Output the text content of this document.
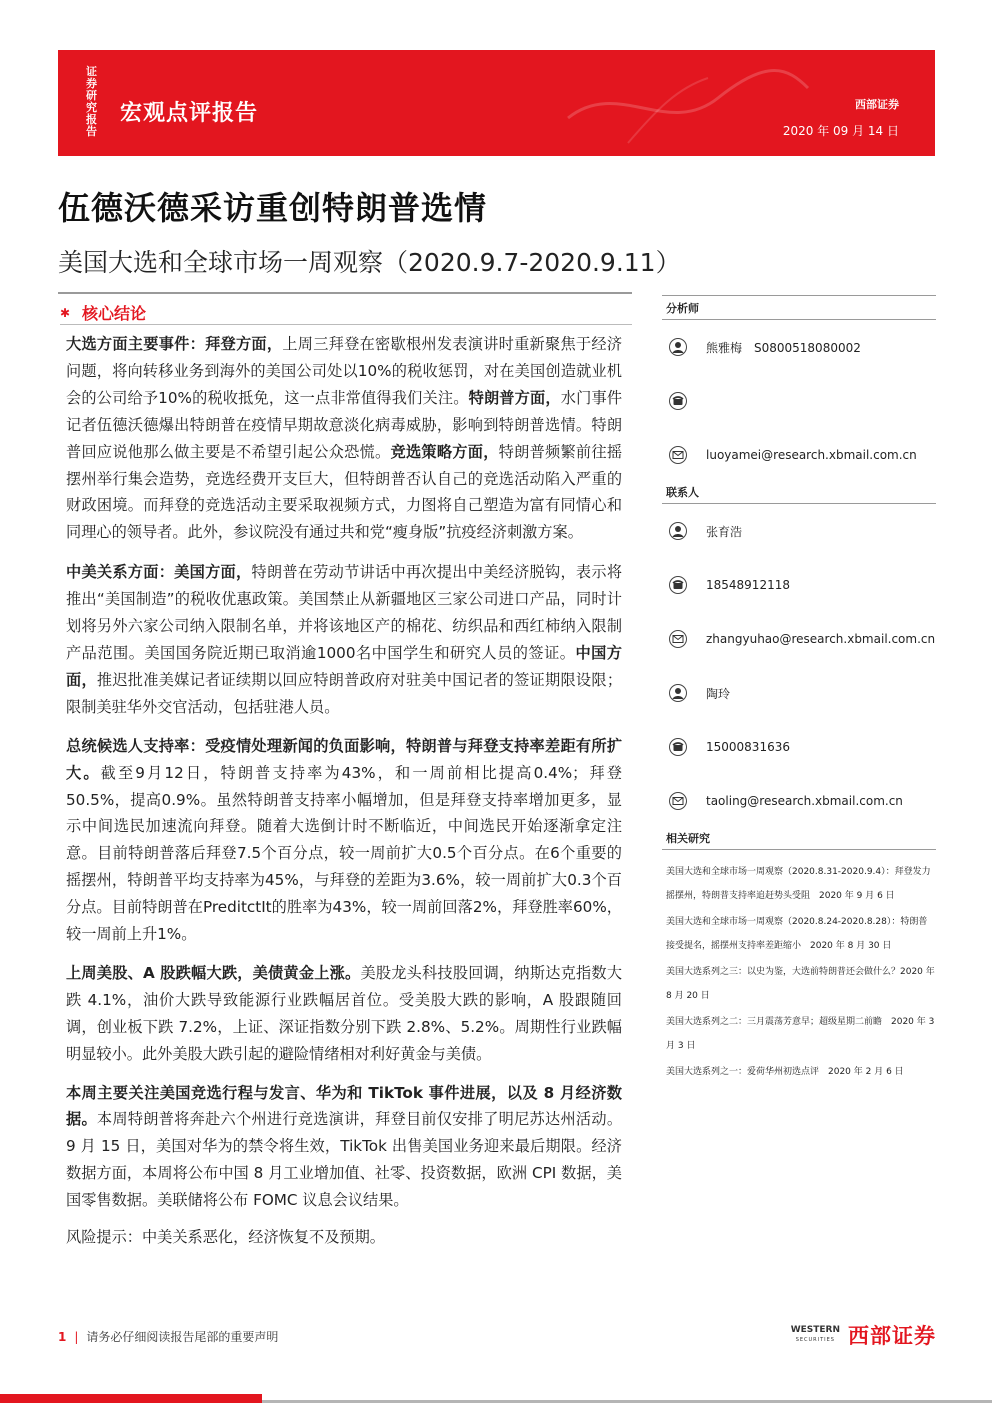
证券研究报告
宏观点评报告	西部证券
2020 年 09 月 14 日
伍德沃德采访重创特朗普选情
美国大选和全球市场一周观察（2020.9.7-2020.9.11）
✱ 核心结论

大选方面主要事件：拜登方面，上周三拜登在密歇根州发表演讲时重新聚焦于经济问题，将向转移业务到海外的美国公司处以10%的税收惩罚，对在美国创造就业机会的公司给予10%的税收抵免，这一点非常值得我们关注。特朗普方面，水门事件记者伍德沃德爆出特朗普在疫情早期故意淡化病毒威胁，影响到特朗普选情。特朗普回应说他那么做主要是不希望引起公众恐慌。竞选策略方面，特朗普频繁前往摇摆州举行集会造势，竞选经费开支巨大，但特朗普否认自己的竞选活动陷入严重的财政困境。而拜登的竞选活动主要采取视频方式，力图将自己塑造为富有同情心和同理心的领导者。此外，参议院没有通过共和党“瘦身版”抗疫经济刺激方案。

中美关系方面：美国方面，特朗普在劳动节讲话中再次提出中美经济脱钩，表示将推出“美国制造”的税收优惠政策。美国禁止从新疆地区三家公司进口产品，同时计划将另外六家公司纳入限制名单，并将该地区产的棉花、纺织品和西红柿纳入限制产品范围。美国国务院近期已取消逾1000名中国学生和研究人员的签证。中国方面，推迟批准美媒记者证续期以回应特朗普政府对驻美中国记者的签证期限设限；限制美驻华外交官活动，包括驻港人员。

总统候选人支持率：受疫情处理新闻的负面影响，特朗普与拜登支持率差距有所扩大。截至9月12日，特朗普支持率为43%，和一周前相比提高0.4%；拜登50.5%，提高0.9%。虽然特朗普支持率小幅增加，但是拜登支持率增加更多，显示中间选民加速流向拜登。随着大选倒计时不断临近，中间选民开始逐渐拿定注意。目前特朗普落后拜登7.5个百分点，较一周前扩大0.5个百分点。在6个重要的摇摆州，特朗普平均支持率为45%，与拜登的差距为3.6%，较一周前扩大0.3个百分点。目前特朗普在PreditctIt的胜率为43%，较一周前回落2%，拜登胜率60%，较一周前上升1%。

上周美股、A 股跌幅大跌，美债黄金上涨。美股龙头科技股回调，纳斯达克指数大跌 4.1%，油价大跌导致能源行业跌幅居首位。受美股大跌的影响，A 股跟随回调，创业板下跌 7.2%，上证、深证指数分别下跌 2.8%、5.2%。周期性行业跌幅明显较小。此外美股大跌引起的避险情绪相对利好黄金与美债。

本周主要关注美国竞选行程与发言、华为和 TikTok 事件进展，以及 8 月经济数据。本周特朗普将奔赴六个州进行竞选演讲，拜登目前仅安排了明尼苏达州活动。9 月 15 日，美国对华为的禁令将生效，TikTok 出售美国业务迎来最后期限。经济数据方面，本周将公布中国 8 月工业增加值、社零、投资数据，欧洲 CPI 数据，美国零售数据。美联储将公布 FOMC 议息会议结果。

风险提示：中美关系恶化，经济恢复不及预期。

分析师
熊雅梅　S0800518080002
luoyamei@research.xbmail.com.cn
联系人
张育浩
18548912118
zhangyuhao@research.xbmail.com.cn
陶玲
15000831636
taoling@research.xbmail.com.cn
相关研究

美国大选和全球市场一周观察（2020.8.31-2020.9.4）：拜登发力摇摆州，特朗普支持率追赶势头受阻　2020 年 9 月 6 日

美国大选和全球市场一周观察（2020.8.24-2020.8.28）：特朗普接受提名，摇摆州支持率差距缩小　2020 年 8 月 30 日

美国大选系列之三：以史为鉴，大选前特朗普还会做什么？2020 年 8 月 20 日

美国大选系列之二：三月震荡芳意早；超级星期二前瞻　2020 年 3 月 3 日

美国大选系列之一：爱荷华州初选点评　2020 年 2 月 6 日

1 | 请务必仔细阅读报告尾部的重要声明	WESTERN
SECURITIES 西部证券
